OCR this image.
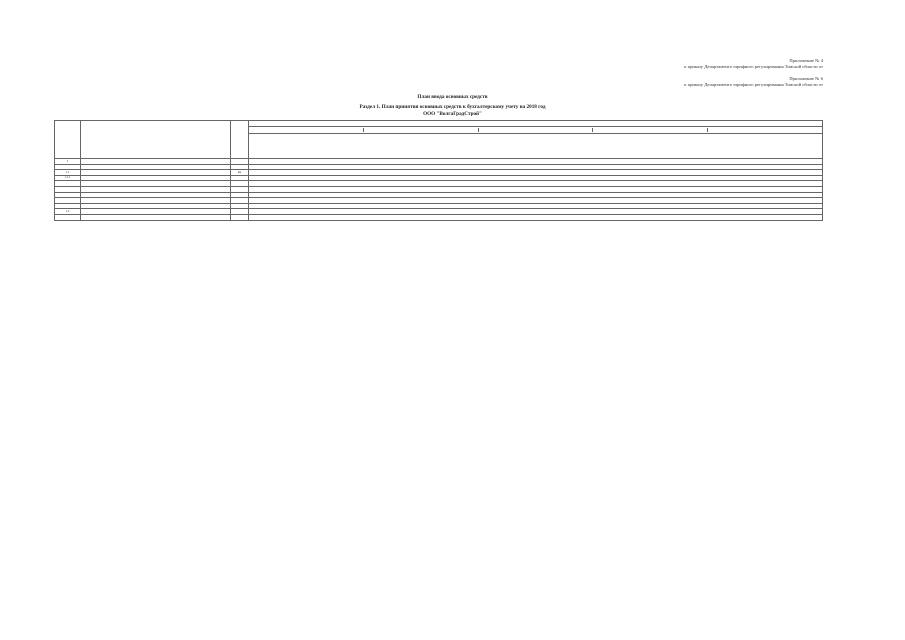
Приложение № 4
к приказу Департамента тарифного регулирования Томской области от
Приложение № 6
к приказу Департамента тарифного регулирования Томской области от
План ввода основных средств
Раздел 1. План принятия основных средств к бухгалтерскому учету на 2018 год
ООО "ВолгаГрадСтрой"

1			

1.1		км	
1.1.1			

1.2			
